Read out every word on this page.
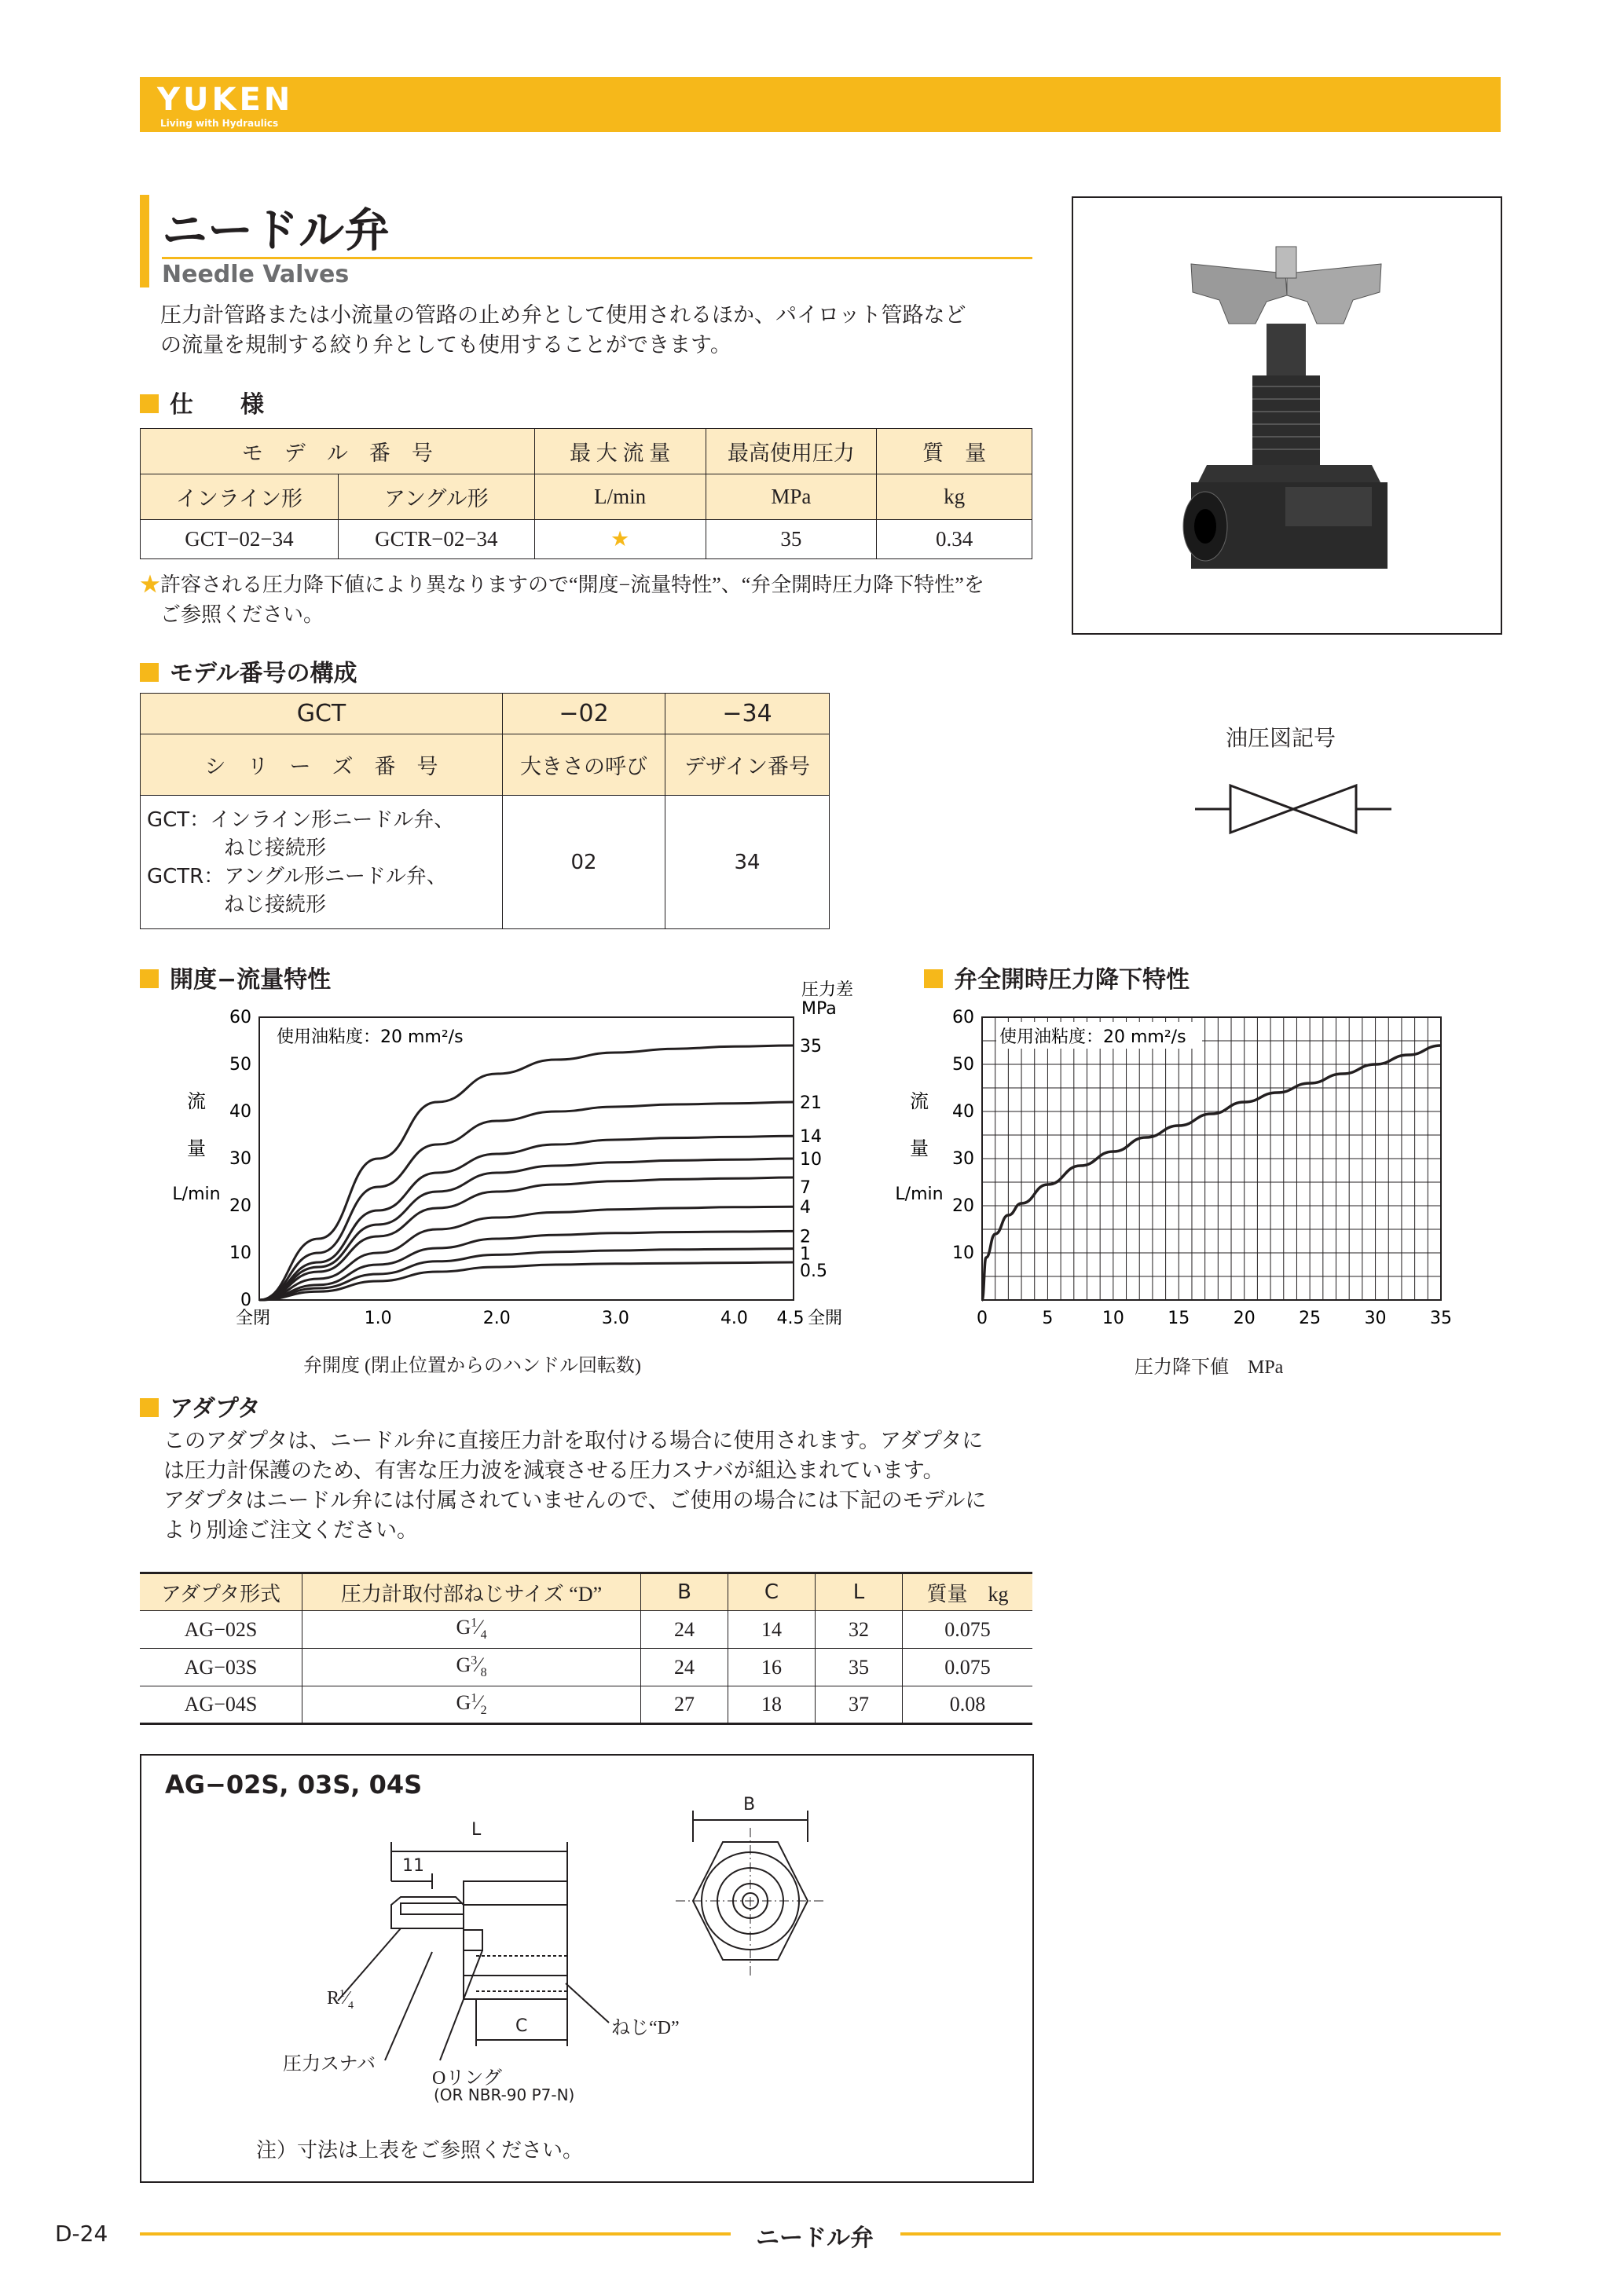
YUKEN
Living with Hydraulics
ニードル弁
Needle Valves
圧力計管路または小流量の管路の止め弁として使用されるほか、パイロット管路など
の流量を規制する絞り弁としても使用することができます。
仕　　様
モ　デ　ル　番　号		最 大 流 量	最高使用圧力	質　量
インライン形	アングル形	L/min	MPa	kg
GCT−02−34	GCTR−02−34	★	35	0.34
★許容される圧力降下値により異なりますので“開度−流量特性”、“弁全開時圧力降下特性”を
ご参照ください。
モデル番号の構成
GCT	−02	−34
シ　リ　ー　ズ　番　号	大きさの呼び	デザイン番号

GCT：インライン形ニードル弁、
ねじ接続形
GCTR：アングル形ニードル弁、
ねじ接続形	02	34
油圧図記号
開度−流量特性	弁全開時圧力降下特性
0
10
20
30
40
50
60
全閉	1.0	2.0	3.0	4.0 4.5 全開
流
量
L/min
使用油粘度：20 mm²/s	35
21
14
10
7
4
2
1
0.5
圧力差
MPa
弁開度 (閉止位置からのハンドル回転数)
10
20
30
40
50
60
0	5	10	15	20	25	30	35
流
量
L/min
使用油粘度：20 mm²/s
圧力降下値　MPa
アダプタ
このアダプタは、ニードル弁に直接圧力計を取付ける場合に使用されます。アダプタに
は圧力計保護のため、有害な圧力波を減衰させる圧力スナバが組込まれています。
アダプタはニードル弁には付属されていませんので、ご使用の場合には下記のモデルに
より別途ご注文ください。
アダプタ形式	圧力計取付部ねじサイズ “D”	B	C	L	質量　kg
AG−02S	$G^1⁄_4$	24	14	32	0.075
AG−03S	$G^3⁄_8$	24	16	35	0.075
AG−04S	$G^1⁄_2$	27	18	37	0.08
AG−02S, 03S, 04S
L
11
B
C
$R^1⁄_4$
圧力スナバ
Oリング
(OR NBR-90 P7-N)
ねじ“D”
注）寸法は上表をご参照ください。
D-24	ニードル弁
